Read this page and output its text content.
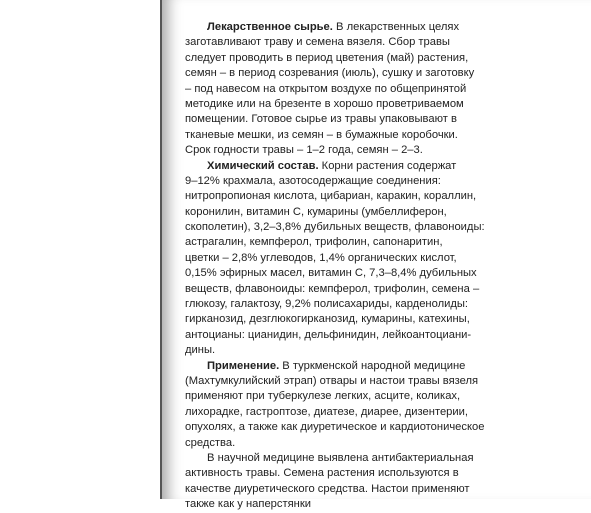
Лекарственное сырье. В лекарственных целях
заготавливают траву и семена вязеля. Сбор травы
следует проводить в период цветения (май) растения,
семян – в период созревания (июль), сушку и заготовку
– под навесом на открытом воздухе по общепринятой
методике или на брезенте в хорошо проветриваемом
помещении. Готовое сырье из травы упаковывают в
тканевые мешки, из семян – в бумажные коробочки.
Срок годности травы – 1–2 года, семян – 2–3.
Химический состав. Корни растения содержат
9–12% крахмала, азотосодержащие соединения:
нитропропионая кислота, цибариан, каракин, кораллин,
коронилин, витамин С, кумарины (умбеллиферон,
скополетин), 3,2–3,8% дубильных веществ, флавоноиды:
астрагалин, кемпферол, трифолин, сапонаритин,
цветки – 2,8% углеводов, 1,4% органических кислот,
0,15% эфирных масел, витамин С, 7,3–8,4% дубильных
веществ, флавоноиды: кемпферол, трифолин, семена –
глюкозу, галактозу, 9,2% полисахариды, карденолиды:
гирканозид, дезглюкогирканозид, кумарины, катехины,
антоцианы: цианидин, дельфинидин, лейкоантоциани-
дины.
Применение. В туркменской народной медицине
(Махтумкулийский этрап) отвары и настои травы вязеля
применяют при туберкулезе легких, асците, коликах,
лихорадке, гастроптозе, диатезе, диарее, дизентерии,
опухолях, а также как диуретическое и кардиотоническое
средства.
В научной медицине выявлена антибактериальная
активность травы. Семена растения используются в
качестве диуретического средства. Настои применяют
также как у наперстянки
